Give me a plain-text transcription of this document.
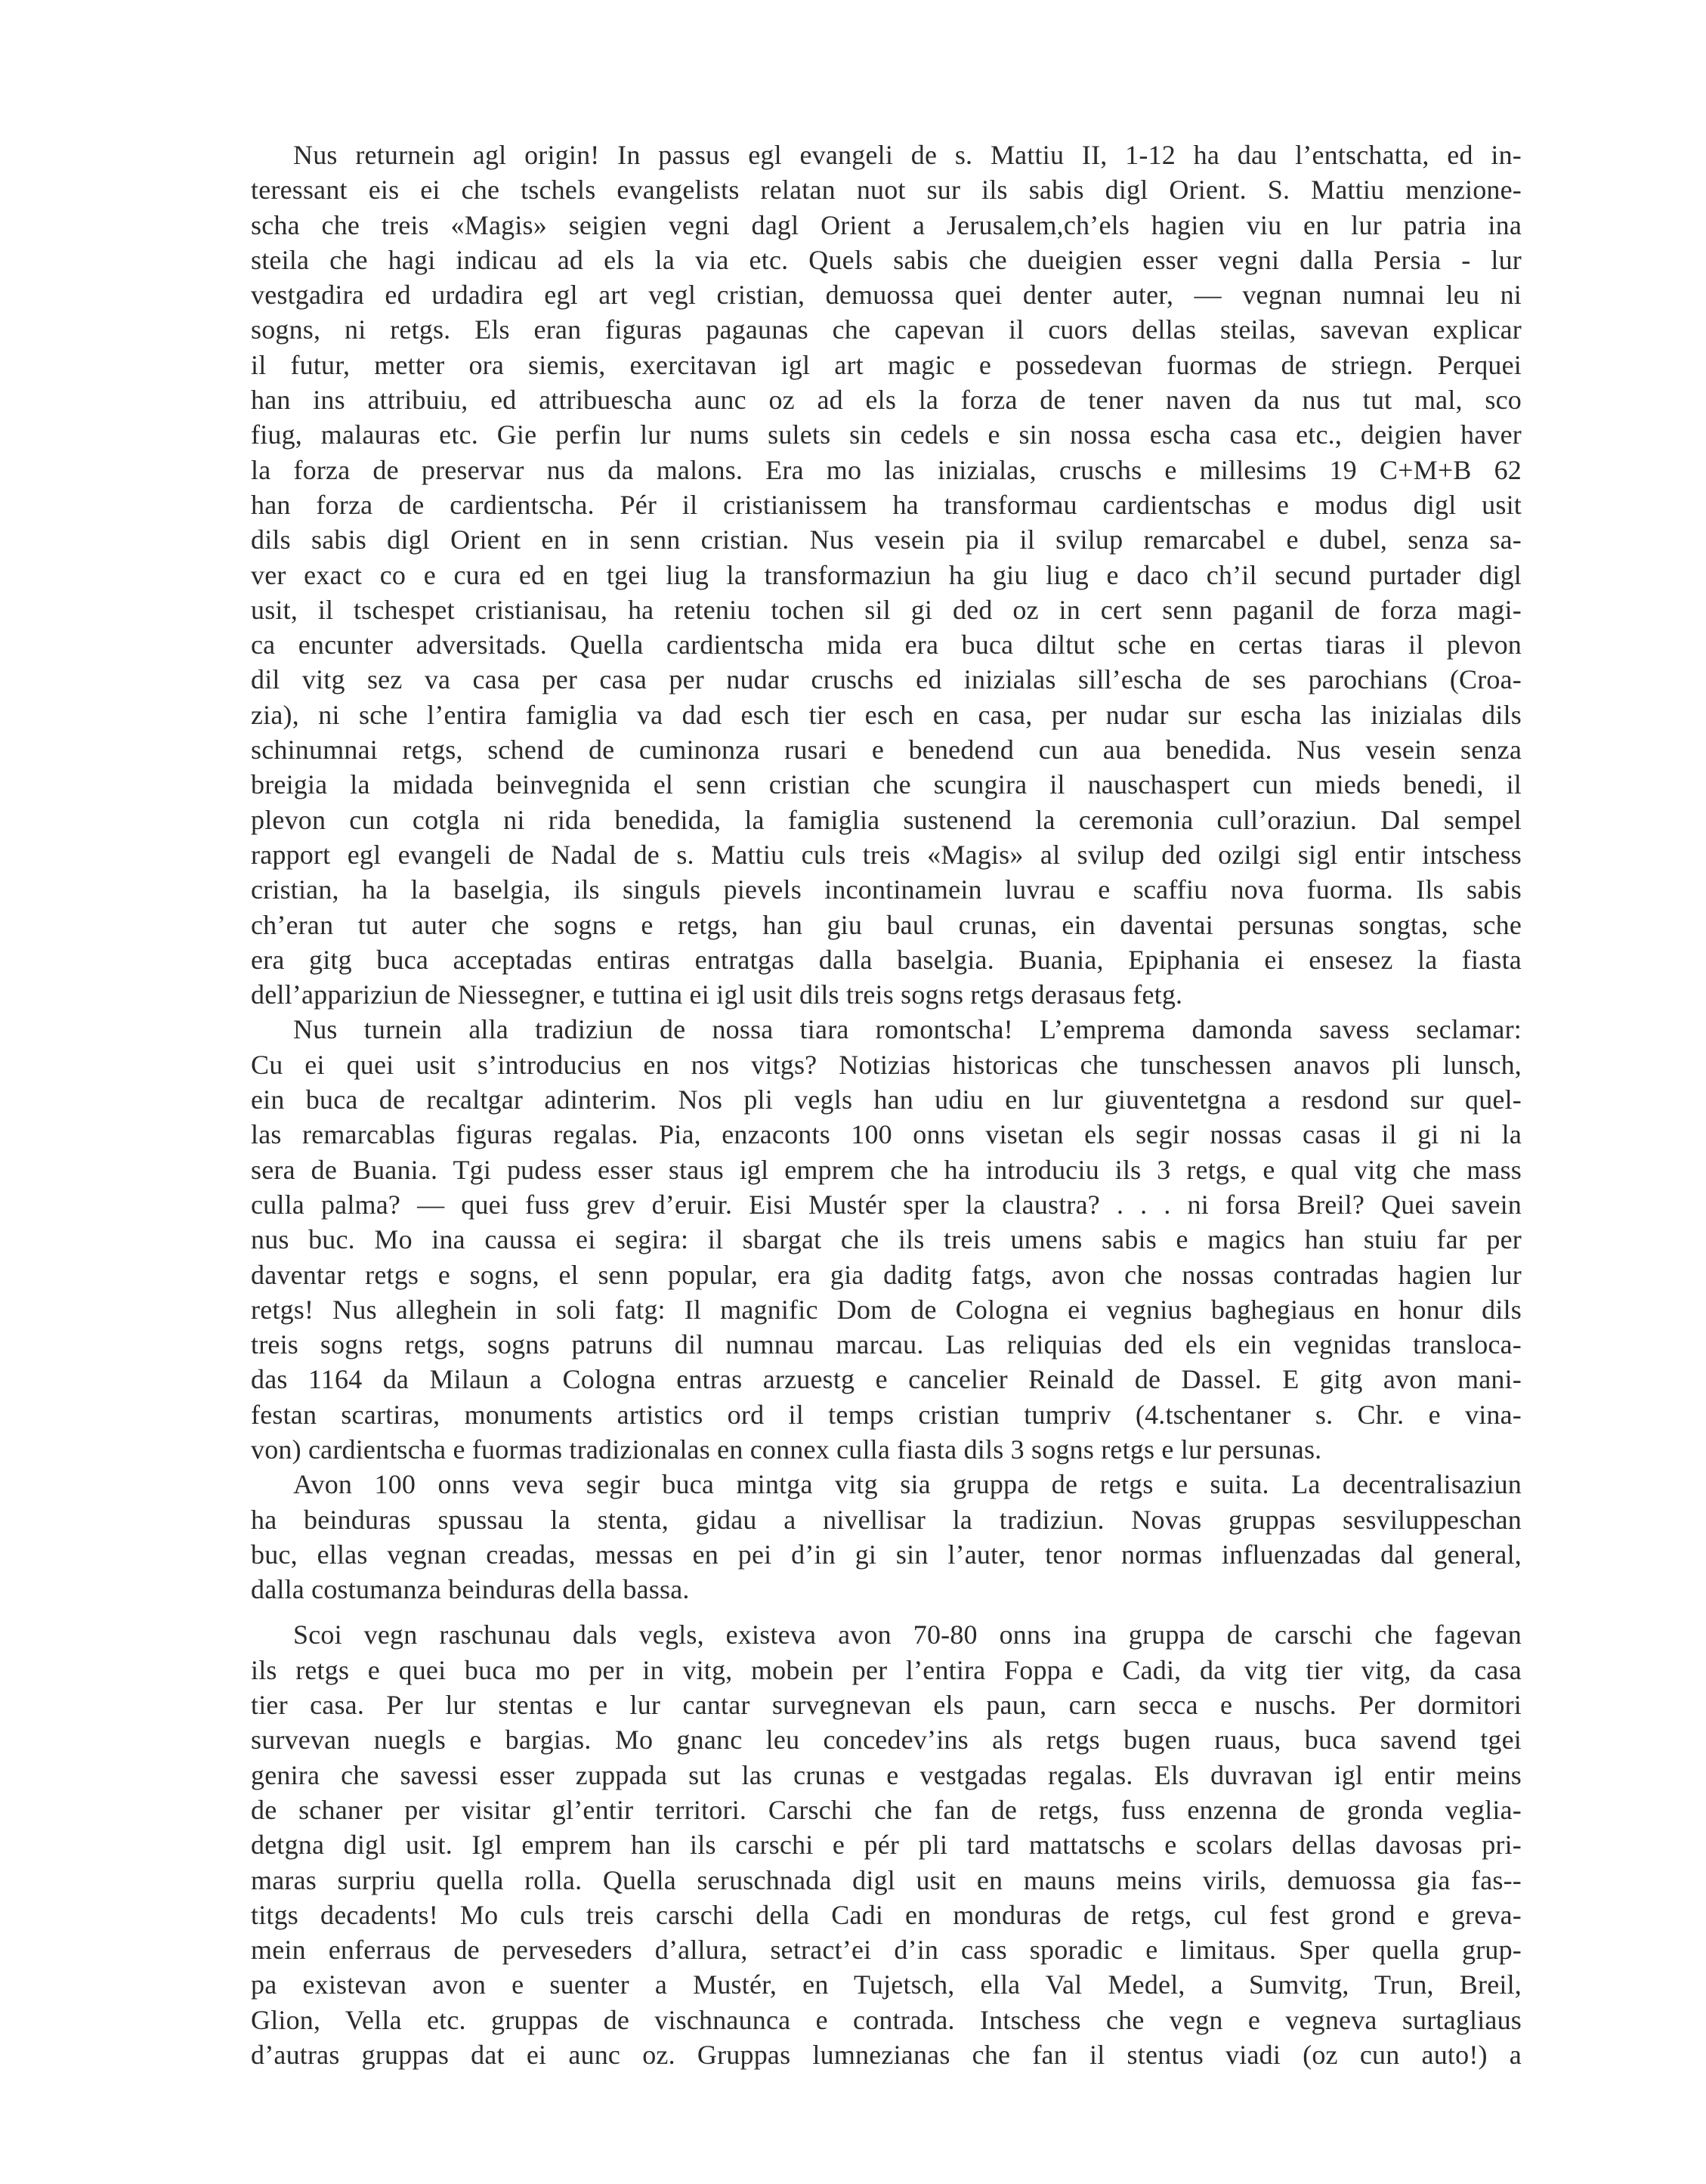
Nus returnein agl origin! In passus egl evangeli de s. Mattiu II, 1-12 ha dau l’entschatta, ed in-
teressant eis ei che tschels evangelists relatan nuot sur ils sabis digl Orient. S. Mattiu menzione-
scha che treis «Magis» seigien vegni dagl Orient a Jerusalem,ch’els hagien viu en lur patria ina
steila che hagi indicau ad els la via etc. Quels sabis che dueigien esser vegni dalla Persia - lur
vestgadira ed urdadira egl art vegl cristian, demuossa quei denter auter, — vegnan numnai leu ni
sogns, ni retgs. Els eran figuras pagaunas che capevan il cuors dellas steilas, savevan explicar
il futur, metter ora siemis, exercitavan igl art magic e possedevan fuormas de striegn. Perquei
han ins attribuiu, ed attribuescha aunc oz ad els la forza de tener naven da nus tut mal, sco
fiug, malauras etc. Gie perfin lur nums sulets sin cedels e sin nossa escha casa etc., deigien haver
la forza de preservar nus da malons. Era mo las inizialas, cruschs e millesims 19 C+M+B 62
han forza de cardientscha. Pér il cristianissem ha transformau cardientschas e modus digl usit
dils sabis digl Orient en in senn cristian. Nus vesein pia il svilup remarcabel e dubel, senza sa-
ver exact co e cura ed en tgei liug la transformaziun ha giu liug e daco ch’il secund purtader digl
usit, il tschespet cristianisau, ha reteniu tochen sil gi ded oz in cert senn paganil de forza magi-
ca encunter adversitads. Quella cardientscha mida era buca diltut sche en certas tiaras il plevon
dil vitg sez va casa per casa per nudar cruschs ed inizialas sill’escha de ses parochians (Croa-
zia), ni sche l’entira famiglia va dad esch tier esch en casa, per nudar sur escha las inizialas dils
schinumnai retgs, schend de cuminonza rusari e benedend cun aua benedida. Nus vesein senza
breigia la midada beinvegnida el senn cristian che scungira il nauschaspert cun mieds benedi, il
plevon cun cotgla ni rida benedida, la famiglia sustenend la ceremonia cull’oraziun. Dal sempel
rapport egl evangeli de Nadal de s. Mattiu culs treis «Magis» al svilup ded ozilgi sigl entir intschess
cristian, ha la baselgia, ils singuls pievels incontinamein luvrau e scaffiu nova fuorma. Ils sabis
ch’eran tut auter che sogns e retgs, han giu baul crunas, ein daventai persunas songtas, sche
era gitg buca acceptadas entiras entratgas dalla baselgia. Buania, Epiphania ei ensesez la fiasta
dell’appariziun de Niessegner, e tuttina ei igl usit dils treis sogns retgs derasaus fetg.
Nus turnein alla tradiziun de nossa tiara romontscha! L’emprema damonda savess seclamar:
Cu ei quei usit s’introducius en nos vitgs? Notizias historicas che tunschessen anavos pli lunsch,
ein buca de recaltgar adinterim. Nos pli vegls han udiu en lur giuventetgna a resdond sur quel-
las remarcablas figuras regalas. Pia, enzaconts 100 onns visetan els segir nossas casas il gi ni la
sera de Buania. Tgi pudess esser staus igl emprem che ha introduciu ils 3 retgs, e qual vitg che mass
culla palma? — quei fuss grev d’eruir. Eisi Mustér sper la claustra? . . . ni forsa Breil? Quei savein
nus buc. Mo ina caussa ei segira: il sbargat che ils treis umens sabis e magics han stuiu far per
daventar retgs e sogns, el senn popular, era gia daditg fatgs, avon che nossas contradas hagien lur
retgs! Nus alleghein in soli fatg: Il magnific Dom de Cologna ei vegnius baghegiaus en honur dils
treis sogns retgs, sogns patruns dil numnau marcau. Las reliquias ded els ein vegnidas transloca-
das 1164 da Milaun a Cologna entras arzuestg e cancelier Reinald de Dassel. E gitg avon mani-
festan scartiras, monuments artistics ord il temps cristian tumpriv (4.tschentaner s. Chr. e vina-
von) cardientscha e fuormas tradizionalas en connex culla fiasta dils 3 sogns retgs e lur persunas.
Avon 100 onns veva segir buca mintga vitg sia gruppa de retgs e suita. La decentralisaziun
ha beinduras spussau la stenta, gidau a nivellisar la tradiziun. Novas gruppas sesviluppeschan
buc, ellas vegnan creadas, messas en pei d’in gi sin l’auter, tenor normas influenzadas dal general,
dalla costumanza beinduras della bassa.
Scoi vegn raschunau dals vegls, existeva avon 70-80 onns ina gruppa de carschi che fagevan
ils retgs e quei buca mo per in vitg, mobein per l’entira Foppa e Cadi, da vitg tier vitg, da casa
tier casa. Per lur stentas e lur cantar survegnevan els paun, carn secca e nuschs. Per dormitori
survevan nuegls e bargias. Mo gnanc leu concedev’ins als retgs bugen ruaus, buca savend tgei
genira che savessi esser zuppada sut las crunas e vestgadas regalas. Els duvravan igl entir meins
de schaner per visitar gl’entir territori. Carschi che fan de retgs, fuss enzenna de gronda veglia-
detgna digl usit. Igl emprem han ils carschi e pér pli tard mattatschs e scolars dellas davosas pri-
maras surpriu quella rolla. Quella seruschnada digl usit en mauns meins virils, demuossa gia fas--
titgs decadents! Mo culs treis carschi della Cadi en monduras de retgs, cul fest grond e greva-
mein enferraus de perveseders d’allura, setract’ei d’in cass sporadic e limitaus. Sper quella grup-
pa existevan avon e suenter a Mustér, en Tujetsch, ella Val Medel, a Sumvitg, Trun, Breil,
Glion, Vella etc. gruppas de vischnaunca e contrada. Intschess che vegn e vegneva surtagliaus
d’autras gruppas dat ei aunc oz. Gruppas lumnezianas che fan il stentus viadi (oz cun auto!) a
